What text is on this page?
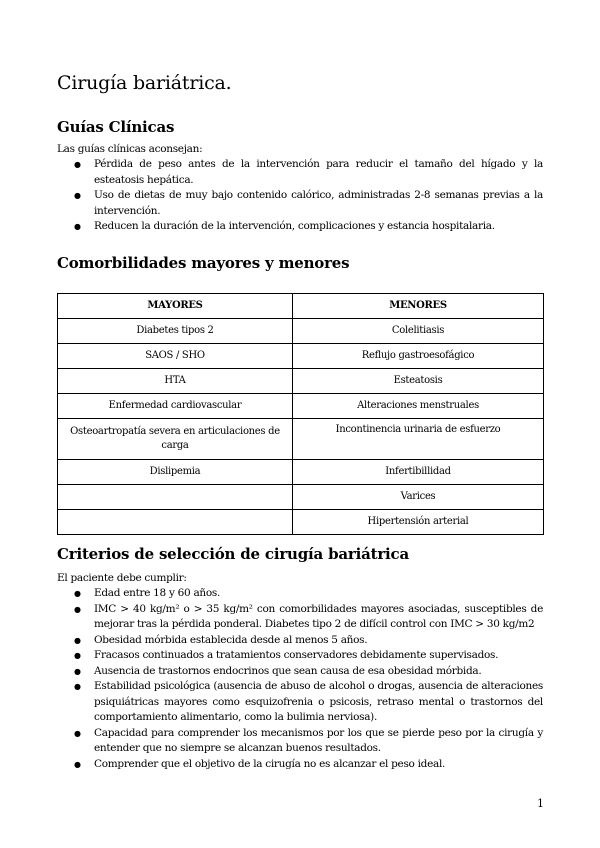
Cirugía bariátrica.
Guías Clínicas

Las guías clínicas aconsejan:

● Pérdida de peso antes de la intervención para reducir el tamaño del hígado y la esteatosis hepática.
● Uso de dietas de muy bajo contenido calórico, administradas 2-8 semanas previas a la intervención.
● Reducen la duración de la intervención, complicaciones y estancia hospitalaria.
Comorbilidades mayores y menores
MAYORES	MENORES
Diabetes tipos 2	Colelitiasis
SAOS / SHO	Reflujo gastroesofágico
HTA	Esteatosis
Enfermedad cardiovascular	Alteraciones menstruales
Osteoartropatía severa en articulaciones de carga	Incontinencia urinaria de esfuerzo
Dislipemia	Infertibillidad
	Varices
	Hipertensión arterial
Criterios de selección de cirugía bariátrica

El paciente debe cumplir:

● Edad entre 18 y 60 años.
● IMC > 40 kg/m² o > 35 kg/m² con comorbilidades mayores asociadas, susceptibles de mejorar tras la pérdida ponderal. Diabetes tipo 2 de difícil control con IMC > 30 kg/m2
● Obesidad mórbida establecida desde al menos 5 años.
● Fracasos continuados a tratamientos conservadores debidamente supervisados.
● Ausencia de trastornos endocrinos que sean causa de esa obesidad mórbida.
● Estabilidad psicológica (ausencia de abuso de alcohol o drogas, ausencia de alteraciones psiquiátricas mayores como esquizofrenia o psicosis, retraso mental o trastornos del comportamiento alimentario, como la bulimia nerviosa).
● Capacidad para comprender los mecanismos por los que se pierde peso por la cirugía y entender que no siempre se alcanzan buenos resultados.
● Comprender que el objetivo de la cirugía no es alcanzar el peso ideal.
1
